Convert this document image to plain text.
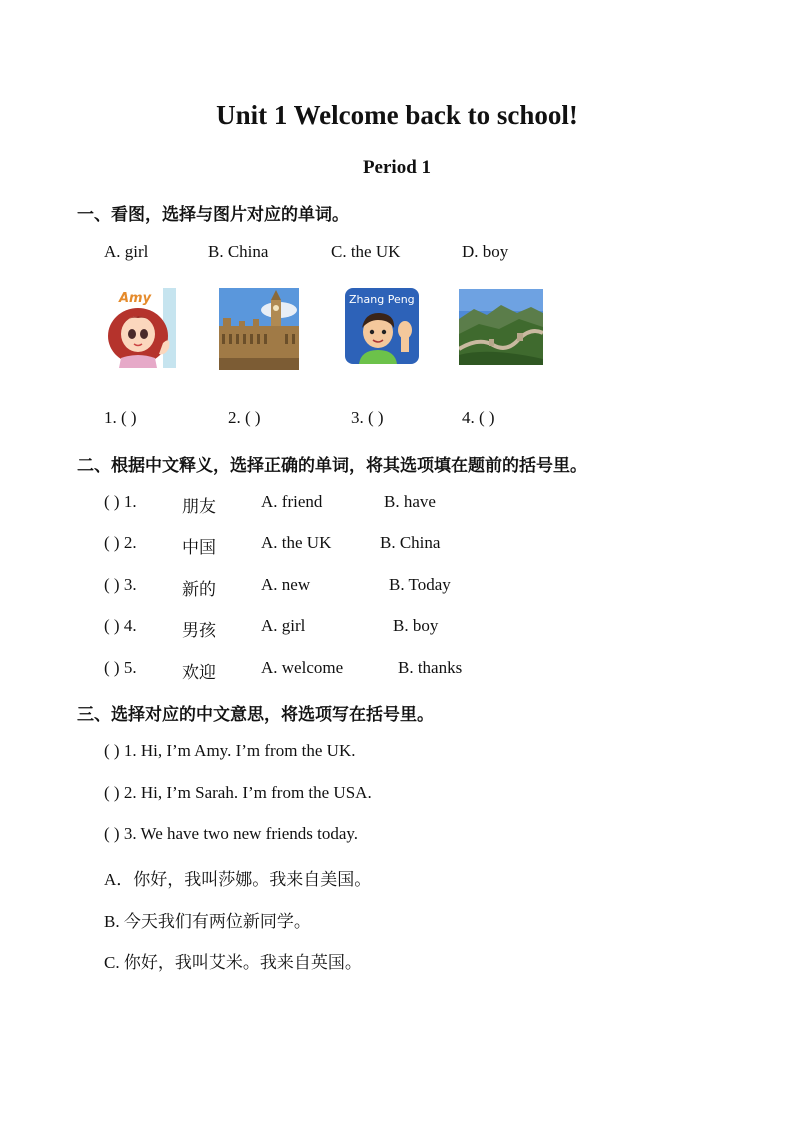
Unit 1 Welcome back to school!
Period 1
一、看图，选择与图片对应的单词。
A. girl	B. China	C. the UK	D. boy
Amy	Zhang Peng
1. ( )	2. ( )	3. ( )	4. ( )
二、根据中文释义，选择正确的单词，将其选项填在题前的括号里。
( ) 1.	朋友	A. friend	B. have
( ) 2.	中国	A. the UK	B. China
( ) 3.	新的	A. new	B. Today
( ) 4.	男孩	A. girl	B. boy
( ) 5.	欢迎	A. welcome	B. thanks
三、选择对应的中文意思，将选项写在括号里。
( ) 1. Hi, I’m Amy. I’m from the UK.
( ) 2. Hi, I’m Sarah. I’m from the USA.
( ) 3. We have two new friends today.
A．你好，我叫莎娜。我来自美国。
B. 今天我们有两位新同学。
C. 你好，我叫艾米。我来自英国。
